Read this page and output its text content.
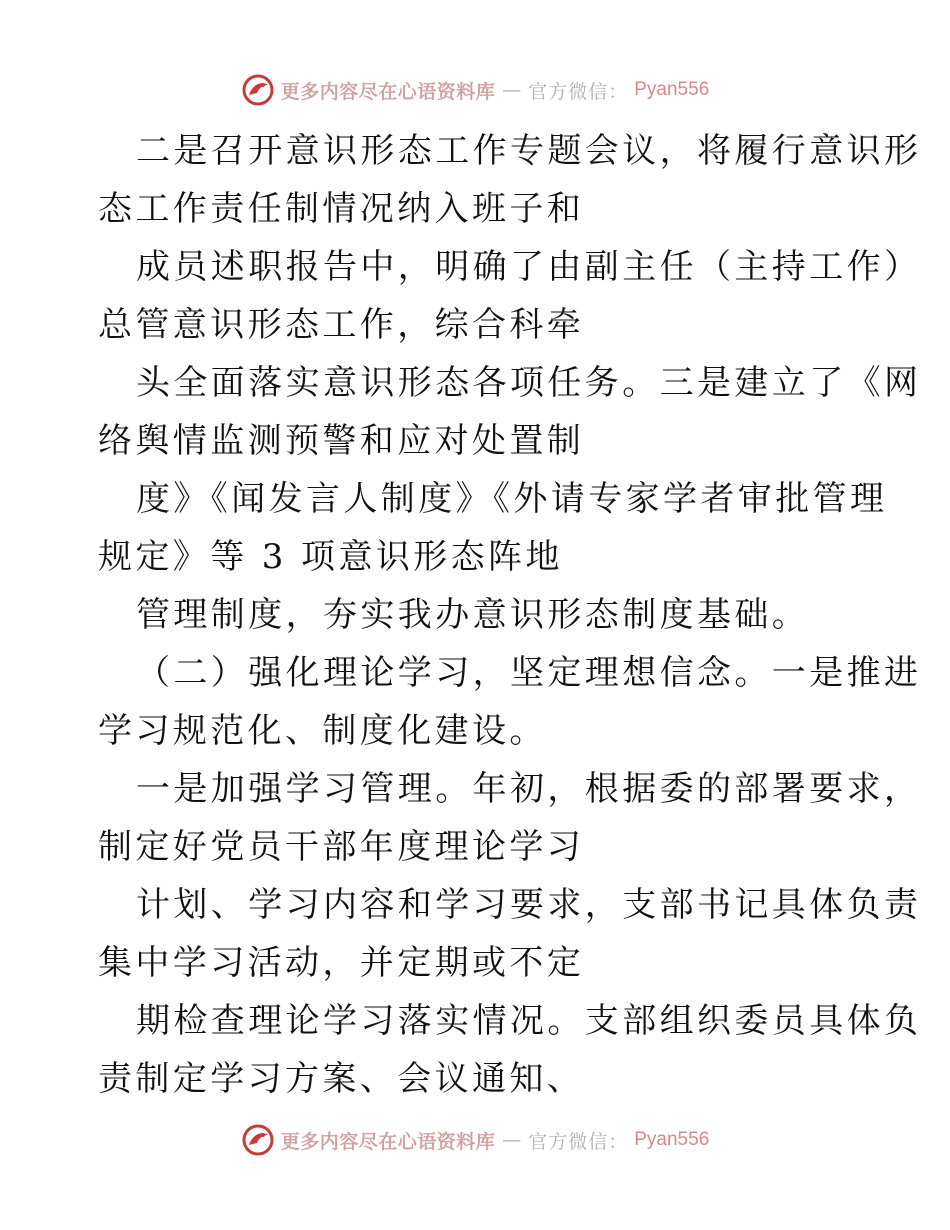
更多内容尽在心语资料库 — 官方微信： Pyan556
二是召开意识形态工作专题会议，将履行意识形
态工作责任制情况纳入班子和
成员述职报告中，明确了由副主任（主持工作）
总管意识形态工作，综合科牵
头全面落实意识形态各项任务。三是建立了《网
络舆情监测预警和应对处置制
度》《闻发言人制度》《外请专家学者审批管理
规定》等 3 项意识形态阵地
管理制度，夯实我办意识形态制度基础。
（二）强化理论学习，坚定理想信念。一是推进
学习规范化、制度化建设。
一是加强学习管理。年初，根据委的部署要求，
制定好党员干部年度理论学习
计划、学习内容和学习要求，支部书记具体负责
集中学习活动，并定期或不定
期检查理论学习落实情况。支部组织委员具体负
责制定学习方案、会议通知、
更多内容尽在心语资料库 — 官方微信： Pyan556
